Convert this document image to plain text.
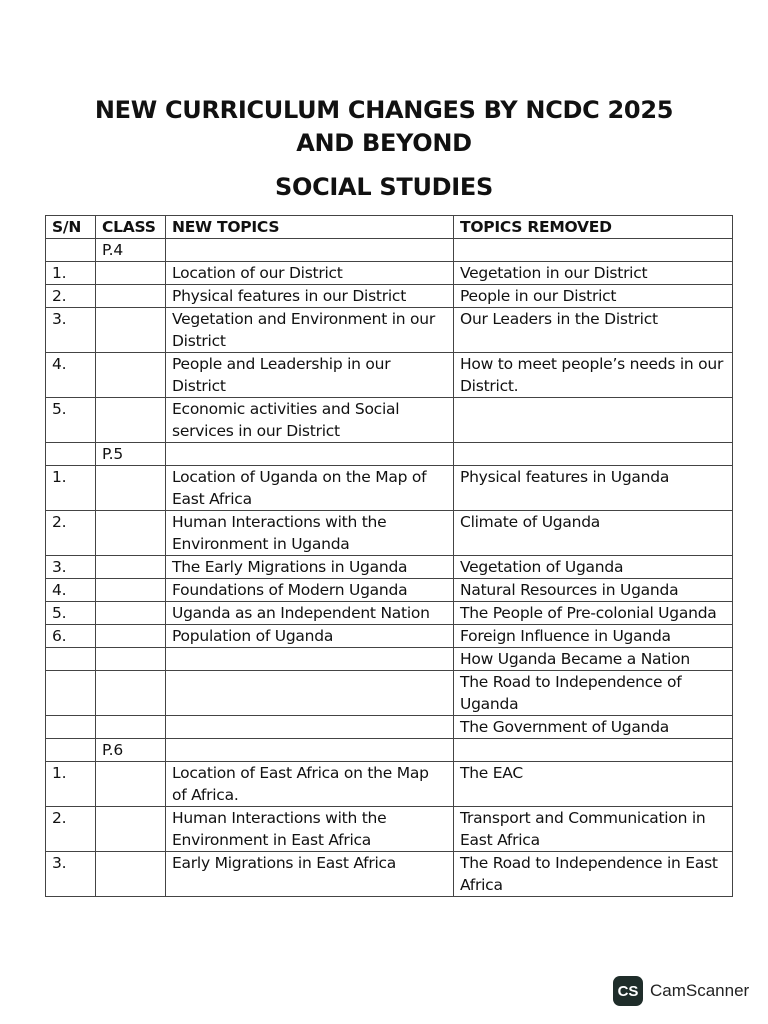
NEW CURRICULUM CHANGES BY NCDC 2025
AND BEYOND
SOCIAL STUDIES
S/N	CLASS	NEW TOPICS	TOPICS REMOVED
	P.4		
1.		Location of our District	Vegetation in our District
2.		Physical features in our District	People in our District
3.		Vegetation and Environment in our District	Our Leaders in the District
4.		People and Leadership in our District	How to meet people’s needs in our District.
5.		Economic activities and Social services in our District	
	P.5		
1.		Location of Uganda on the Map of East Africa	Physical features in Uganda
2.		Human Interactions with the Environment in Uganda	Climate of Uganda
3.		The Early Migrations in Uganda	Vegetation of Uganda
4.		Foundations of Modern Uganda	Natural Resources in Uganda
5.		Uganda as an Independent Nation	The People of Pre-colonial Uganda
6.		Population of Uganda	Foreign Influence in Uganda
			How Uganda Became a Nation
			The Road to Independence of Uganda
			The Government of Uganda
	P.6		
1.		Location of East Africa on the Map of Africa.	The EAC
2.		Human Interactions with the Environment in East Africa	Transport and Communication in East Africa
3.		Early Migrations in East Africa	The Road to Independence in East Africa
CS CamScanner
